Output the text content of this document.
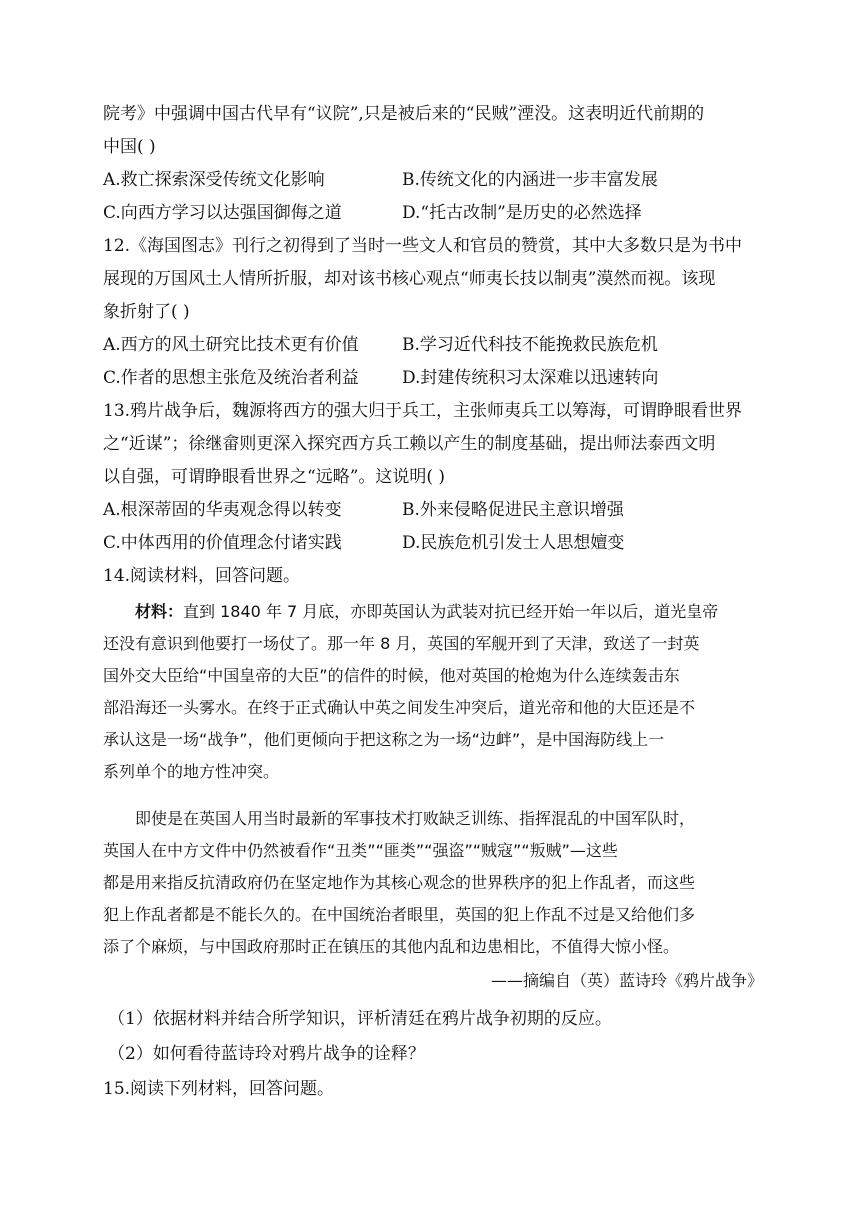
院考》中强调中国古代早有“议院”,只是被后来的“民贼”湮没。这表明近代前期的
中国( )
A.救亡探索深受传统文化影响	B.传统文化的内涵进一步丰富发展
C.向西方学习以达强国御侮之道	D.“托古改制”是历史的必然选择
12.《海国图志》刊行之初得到了当时一些文人和官员的赞赏，其中大多数只是为书中
展现的万国风土人情所折服，却对该书核心观点“师夷长技以制夷”漠然而视。该现
象折射了( )
A.西方的风土研究比技术更有价值	B.学习近代科技不能挽救民族危机
C.作者的思想主张危及统治者利益	D.封建传统积习太深难以迅速转向
13.鸦片战争后，魏源将西方的强大归于兵工，主张师夷兵工以筹海，可谓睁眼看世界
之“近谋”；徐继畲则更深入探究西方兵工赖以产生的制度基础，提出师法泰西文明
以自强，可谓睁眼看世界之“远略”。这说明( )
A.根深蒂固的华夷观念得以转变	B.外来侵略促进民主意识增强
C.中体西用的价值理念付诸实践	D.民族危机引发士人思想嬗变
14.阅读材料，回答问题。
材料：直到 1840 年 7 月底，亦即英国认为武装对抗已经开始一年以后，道光皇帝
还没有意识到他要打一场仗了。那一年 8 月，英国的军舰开到了天津，致送了一封英
国外交大臣给“中国皇帝的大臣”的信件的时候，他对英国的枪炮为什么连续轰击东
部沿海还一头雾水。在终于正式确认中英之间发生冲突后，道光帝和他的大臣还是不
承认这是一场“战争”，他们更倾向于把这称之为一场“边衅”，是中国海防线上一
系列单个的地方性冲突。
即使是在英国人用当时最新的军事技术打败缺乏训练、指挥混乱的中国军队时，
英国人在中方文件中仍然被看作“丑类”“匪类”“强盗”“贼寇”“叛贼”—这些
都是用来指反抗清政府仍在坚定地作为其核心观念的世界秩序的犯上作乱者，而这些
犯上作乱者都是不能长久的。在中国统治者眼里，英国的犯上作乱不过是又给他们多
添了个麻烦，与中国政府那时正在镇压的其他内乱和边患相比，不值得大惊小怪。
——摘编自（英）蓝诗玲《鸦片战争》
（1）依据材料并结合所学知识，评析清廷在鸦片战争初期的反应。
（2）如何看待蓝诗玲对鸦片战争的诠释？
15.阅读下列材料，回答问题。
